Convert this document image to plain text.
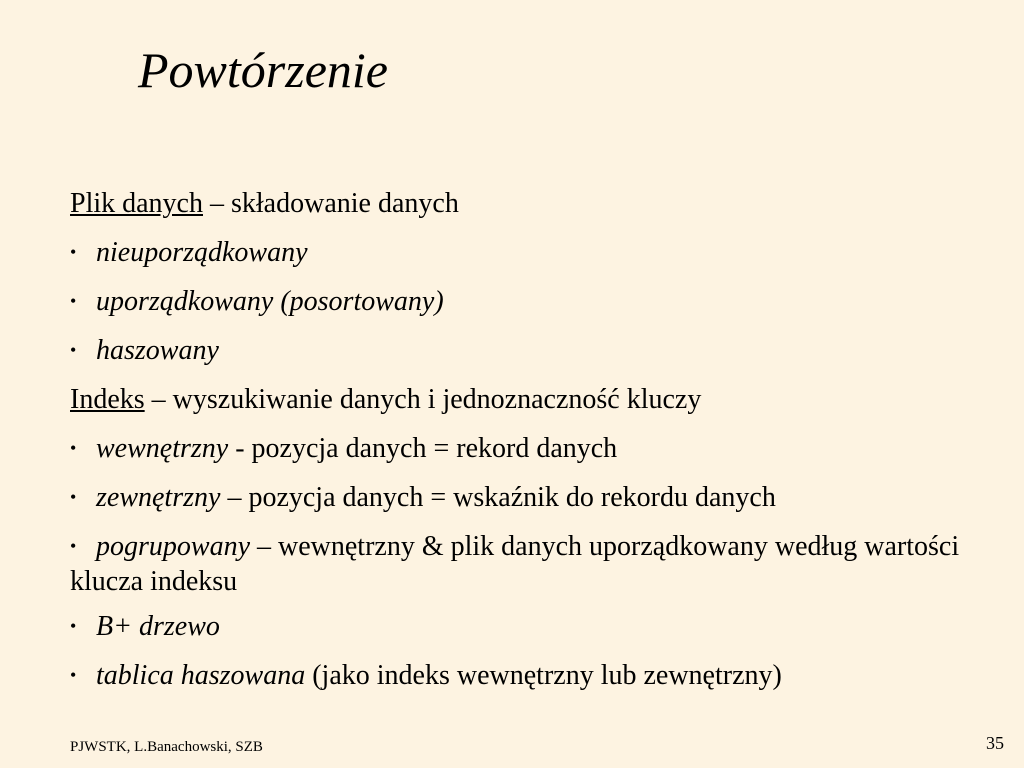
Powtórzenie
Plik danych – składowanie danych
• nieuporządkowany
• uporządkowany (posortowany)
• haszowany
Indeks – wyszukiwanie danych i jednoznaczność kluczy
• wewnętrzny - pozycja danych = rekord danych
• zewnętrzny – pozycja danych = wskaźnik do rekordu danych
• pogrupowany – wewnętrzny & plik danych uporządkowany według wartości klucza indeksu
• B+ drzewo
• tablica haszowana (jako indeks wewnętrzny lub zewnętrzny)
PJWSTK, L.Banachowski, SZB	35
